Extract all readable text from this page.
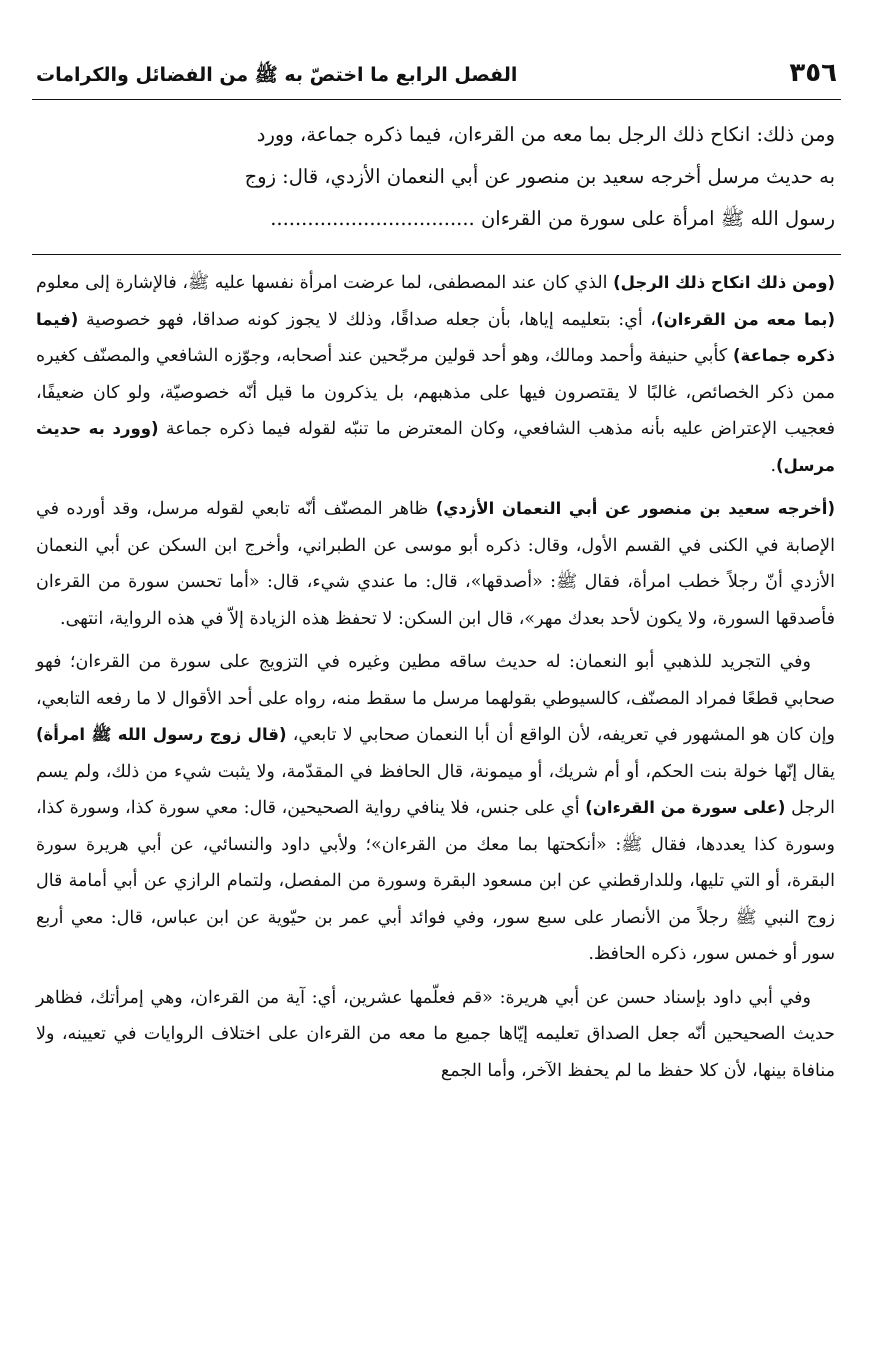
٣٥٦
الفصل الرابع ما اختصّ به ﷺ من الفضائل والكرامات
ومن ذلك: انكاح ذلك الرجل بما معه من القرءان، فيما ذكره جماعة، وورد
به حديث مرسل أخرجه سعيد بن منصور عن أبي النعمان الأزدي، قال: زوج
رسول الله ﷺ امرأة على سورة من القرءان .................................

(ومن ذلك انكاح ذلك الرجل) الذي كان عند المصطفى، لما عرضت امرأة نفسها عليه ﷺ، فالإشارة إلى معلوم (بما معه من القرءان)، أي: بتعليمه إياها، بأن جعله صداقًا، وذلك لا يجوز كونه صداقا، فهو خصوصية (فيما ذكره جماعة) كأبي حنيفة وأحمد ومالك، وهو أحد قولين مرجّحين عند أصحابه، وجوّزه الشافعي والمصنّف كغيره ممن ذكر الخصائص، غالبًا لا يقتصرون فيها على مذهبهم، بل يذكرون ما قيل أنّه خصوصيّة، ولو كان ضعيفًا، فعجيب الإعتراض عليه بأنه مذهب الشافعي، وكان المعترض ما تنبّه لقوله فيما ذكره جماعة (وورد به حديث مرسل).

(أخرجه سعيد بن منصور عن أبي النعمان الأزدي) ظاهر المصنّف أنّه تابعي لقوله مرسل، وقد أورده في الإصابة في الكنى في القسم الأول، وقال: ذكره أبو موسى عن الطبراني، وأخرج ابن السكن عن أبي النعمان الأزدي أنّ رجلاً خطب امرأة، فقال ﷺ: «أصدقها»، قال: ما عندي شيء، قال: «أما تحسن سورة من القرءان فأصدقها السورة، ولا يكون لأحد بعدك مهر»، قال ابن السكن: لا تحفظ هذه الزيادة إلاّ في هذه الرواية، انتهى.

وفي التجريد للذهبي أبو النعمان: له حديث ساقه مطين وغيره في التزويج على سورة من القرءان؛ فهو صحابي قطعًا فمراد المصنّف، كالسيوطي بقولهما مرسل ما سقط منه، رواه على أحد الأقوال لا ما رفعه التابعي، وإن كان هو المشهور في تعريفه، لأن الواقع أن أبا النعمان صحابي لا تابعي، (قال زوج رسول الله ﷺ امرأة) يقال إنّها خولة بنت الحكم، أو أم شريك، أو ميمونة، قال الحافظ في المقدّمة، ولا يثبت شيء من ذلك، ولم يسم الرجل (على سورة من القرءان) أي على جنس، فلا ينافي رواية الصحيحين، قال: معي سورة كذا، وسورة كذا، وسورة كذا يعددها، فقال ﷺ: «أنكحتها بما معك من القرءان»؛ ولأبي داود والنسائي، عن أبي هريرة سورة البقرة، أو التي تليها، وللدارقطني عن ابن مسعود البقرة وسورة من المفصل، ولتمام الرازي عن أبي أمامة قال زوج النبي ﷺ رجلاً من الأنصار على سبع سور، وفي فوائد أبي عمر بن حيّوية عن ابن عباس، قال: معي أربع سور أو خمس سور، ذكره الحافظ.

وفي أبي داود بإسناد حسن عن أبي هريرة: «قم فعلّمها عشرين، أي: آية من القرءان، وهي إمرأتك، فظاهر حديث الصحيحين أنّه جعل الصداق تعليمه إيّاها جميع ما معه من القرءان على اختلاف الروايات في تعيينه، ولا منافاة بينها، لأن كلا حفظ ما لم يحفظ الآخر، وأما الجمع
